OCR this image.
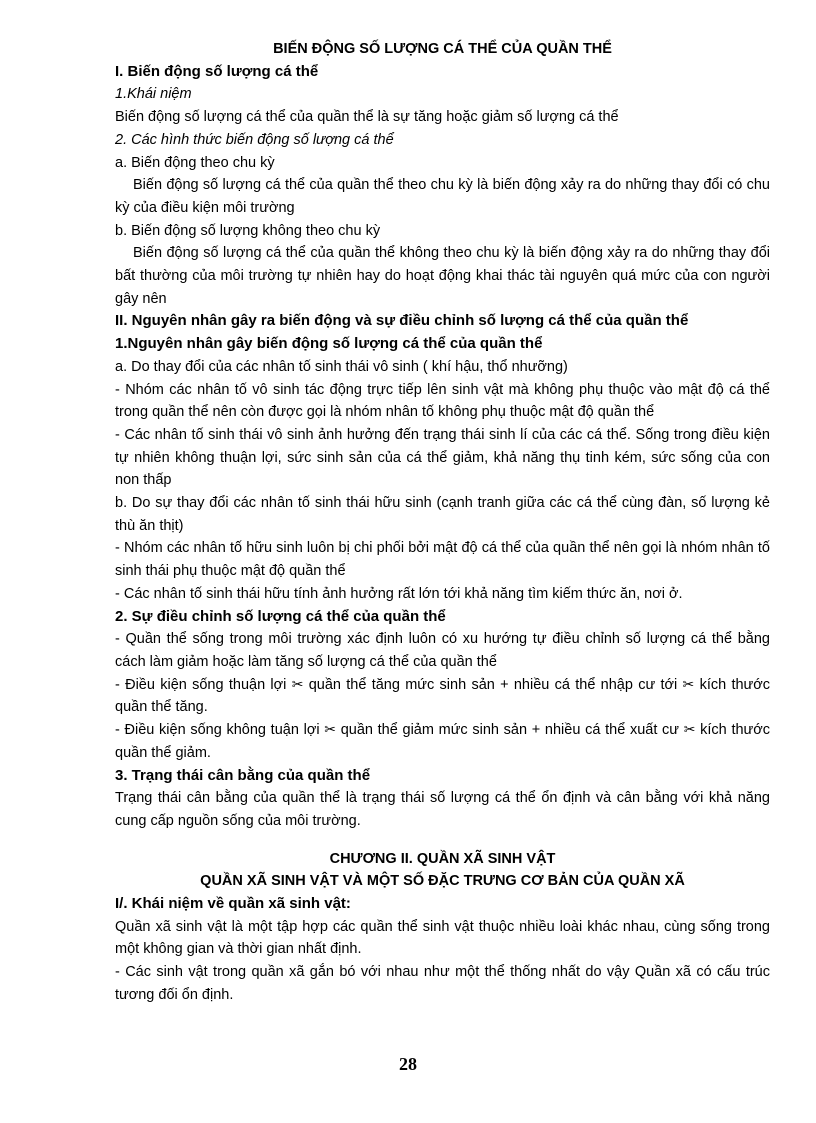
BIẾN ĐỘNG SỐ LƯỢNG CÁ THỂ CỦA QUẦN THỂ

I. Biến động số lượng cá thể

1.Khái niệm

Biến động số lượng cá thể của quần thể là sự tăng hoặc giảm số lượng cá thể

2. Các hình thức biến động số lượng cá thể

a. Biến động theo chu kỳ

Biến động số lượng cá thể của quần thể theo chu kỳ là biến động xảy ra do những thay đổi có chu kỳ của điều kiện môi trường

b. Biến động số lượng không theo chu kỳ

Biến động số lượng cá thể của quần thể không theo chu kỳ là biến động xảy ra do những thay đổi bất thường của môi trường tự nhiên hay do hoạt động khai thác tài nguyên quá mức của con người gây nên

II. Nguyên nhân gây ra biến động và sự điều chỉnh số lượng cá thể của quần thể

1.Nguyên nhân gây biến động số lượng cá thể của quần thể

a. Do thay đổi của các nhân tố sinh thái vô sinh ( khí hậu, thổ nhưỡng)

- Nhóm các nhân tố vô sinh tác động trực tiếp lên sinh vật mà không phụ thuộc vào mật độ cá thể trong quần thể nên còn được gọi là nhóm nhân tố không phụ thuộc mật độ quần thể

- Các nhân tố sinh thái vô sinh ảnh hưởng đến trạng thái sinh lí của các cá thể. Sống trong điều kiện tự nhiên không thuận lợi, sức sinh sản của cá thể giảm, khả năng thụ tinh kém, sức sống của con non thấp

b. Do sự thay đổi các nhân tố sinh thái hữu sinh (cạnh tranh giữa các cá thể cùng đàn, số lượng kẻ thù ăn thịt)

- Nhóm các nhân tố hữu sinh luôn bị chi phối bởi mật độ cá thể của quần thể nên gọi là nhóm nhân tố sinh thái phụ thuộc mật độ quần thể

- Các nhân tố sinh thái hữu tính ảnh hưởng rất lớn tới khả năng tìm kiếm thức ăn, nơi ở.

2. Sự điều chỉnh số lượng cá thể của quần thể

- Quần thể sống trong môi trường xác định luôn có xu hướng tự điều chỉnh số lượng cá thể bằng cách làm giảm hoặc làm tăng số lượng cá thể của quần thể

- Điều kiện sống thuận lợi ✂ quần thể tăng mức sinh sản + nhiều cá thể nhập cư tới ✂ kích thước quần thể tăng.

- Điều kiện sống không tuận lợi ✂ quần thể giảm mức sinh sản + nhiều cá thể xuất cư ✂ kích thước quần thể giảm.

3. Trạng thái cân bằng của quần thể

Trạng thái cân bằng của quần thể là trạng thái số lượng cá thể ổn định và cân bằng với khả năng cung cấp nguồn sống của môi trường.

CHƯƠNG II. QUẦN XÃ SINH VẬT

QUẦN XÃ SINH VẬT VÀ MỘT SỐ ĐẶC TRƯNG CƠ BẢN CỦA QUẦN XÃ

I/. Khái niệm về quần xã sinh vật:

Quần xã sinh vật là một tập hợp các quần thể sinh vật thuộc nhiều loài khác nhau, cùng sống trong một không gian và thời gian nhất định.

- Các sinh vật trong quần xã gắn bó với nhau như một thể thống nhất do vậy Quần xã có cấu trúc tương đối ổn định.

28
